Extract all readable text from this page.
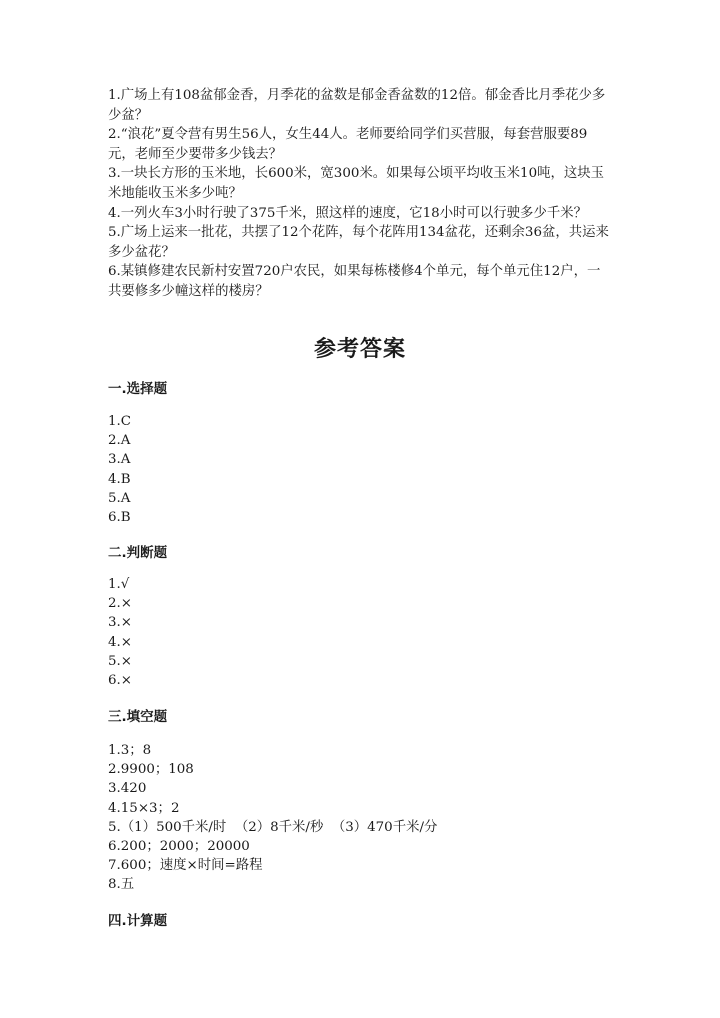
1.广场上有108盆郁金香，月季花的盆数是郁金香盆数的12倍。郁金香比月季花少多少盆？

2.“浪花”夏令营有男生56人，女生44人。老师要给同学们买营服，每套营服要89元，老师至少要带多少钱去？

3.一块长方形的玉米地，长600米，宽300米。如果每公顷平均收玉米10吨，这块玉米地能收玉米多少吨？

4.一列火车3小时行驶了375千米，照这样的速度，它18小时可以行驶多少千米？

5.广场上运来一批花，共摆了12个花阵，每个花阵用134盆花，还剩余36盆，共运来多少盆花？

6.某镇修建农民新村安置720户农民，如果每栋楼修4个单元，每个单元住12户，一共要修多少幢这样的楼房？

参考答案
一.选择题
1.C
2.A
3.A
4.B
5.A
6.B
二.判断题
1.√
2.×
3.×
4.×
5.×
6.×
三.填空题
1.3；8
2.9900；108
3.420
4.15×3；2
5.（1）500千米/时  （2）8千米/秒  （3）470千米/分
6.200；2000；20000
7.600；速度×时间=路程
8.五
四.计算题
